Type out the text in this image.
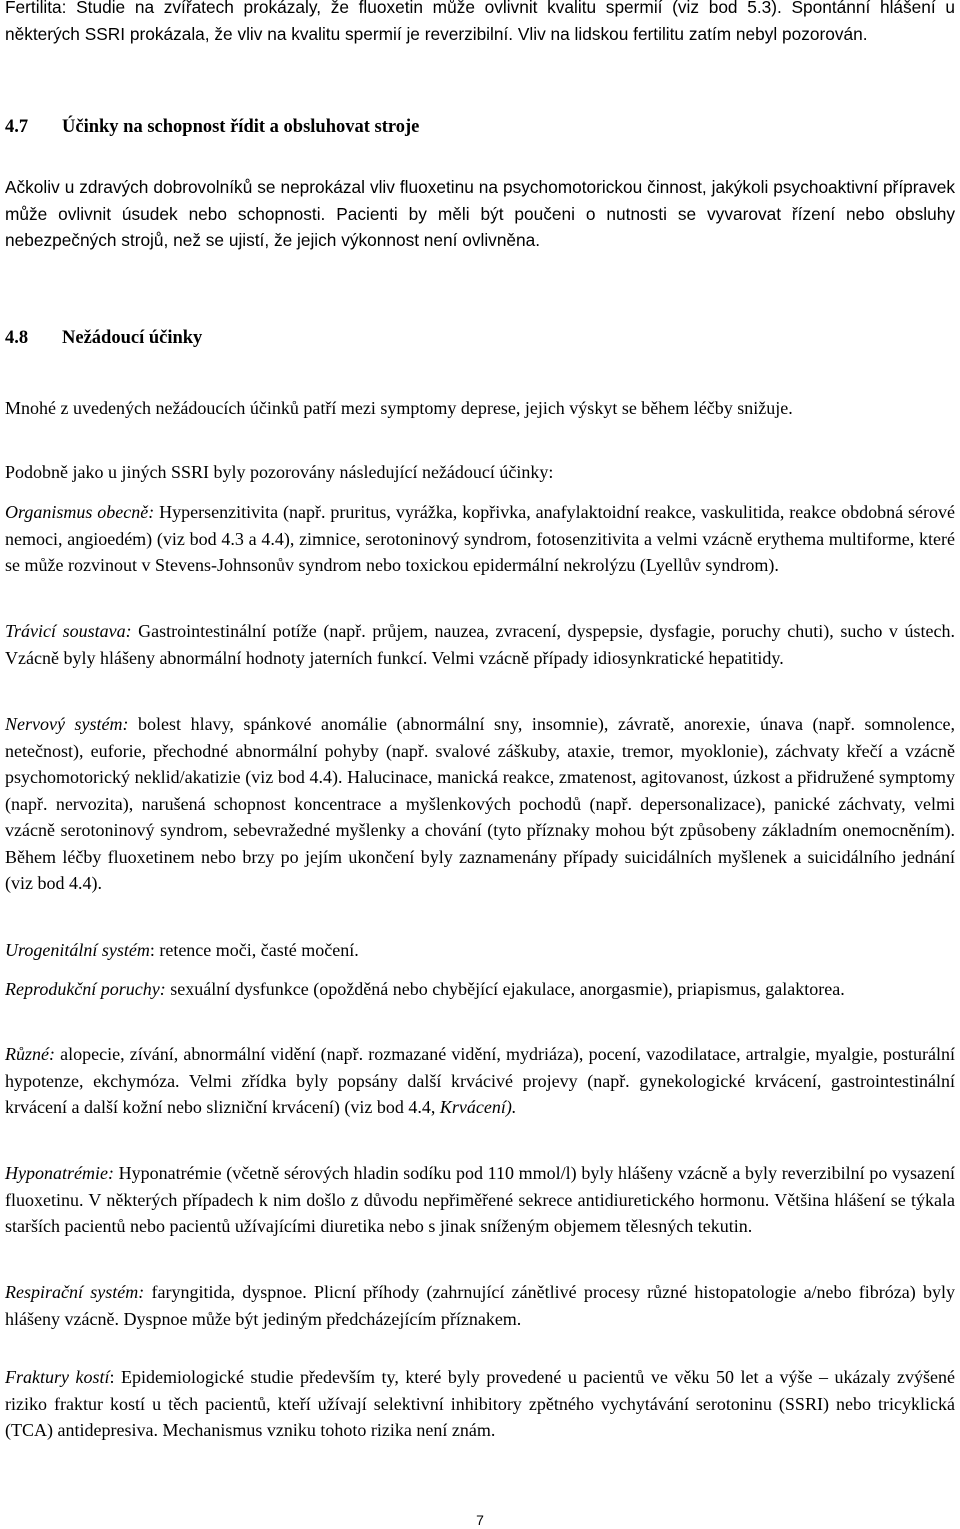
Fertilita: Studie na zvířatech prokázaly, že fluoxetin může ovlivnit kvalitu spermií (viz bod 5.3). Spontánní hlášení u některých SSRI prokázala, že vliv na kvalitu spermií je reverzibilní. Vliv na lidskou fertilitu zatím nebyl pozorován.

4.7 Účinky na schopnost řídit a obsluhovat stroje

Ačkoliv u zdravých dobrovolníků se neprokázal vliv fluoxetinu na psychomotorickou činnost, jakýkoli psychoaktivní přípravek může ovlivnit úsudek nebo schopnosti. Pacienti by měli být poučeni o nutnosti se vyvarovat řízení nebo obsluhy nebezpečných strojů, než se ujistí, že jejich výkonnost není ovlivněna.

4.8 Nežádoucí účinky

Mnohé z uvedených nežádoucích účinků patří mezi symptomy deprese, jejich výskyt se během léčby snižuje.

Podobně jako u jiných SSRI byly pozorovány následující nežádoucí účinky:

Organismus obecně: Hypersenzitivita (např. pruritus, vyrážka, kopřivka, anafylaktoidní reakce, vaskulitida, reakce obdobná sérové nemoci, angioedém) (viz bod 4.3 a 4.4), zimnice, serotoninový syndrom, fotosenzitivita a velmi vzácně erythema multiforme, které se může rozvinout v Stevens-Johnsonův syndrom nebo toxickou epidermální nekrolýzu (Lyellův syndrom).

Trávicí soustava: Gastrointestinální potíže (např. průjem, nauzea, zvracení, dyspepsie, dysfagie, poruchy chuti), sucho v ústech. Vzácně byly hlášeny abnormální hodnoty jaterních funkcí. Velmi vzácně případy idiosynkratické hepatitidy.

Nervový systém: bolest hlavy, spánkové anomálie (abnormální sny, insomnie), závratě, anorexie, únava (např. somnolence, netečnost), euforie, přechodné abnormální pohyby (např. svalové záškuby, ataxie, tremor, myoklonie), záchvaty křečí a vzácně psychomotorický neklid/akatizie (viz bod 4.4). Halucinace, manická reakce, zmatenost, agitovanost, úzkost a přidružené symptomy (např. nervozita), narušená schopnost koncentrace a myšlenkových pochodů (např. depersonalizace), panické záchvaty, velmi vzácně serotoninový syndrom, sebevražedné myšlenky a chování (tyto příznaky mohou být způsobeny základním onemocněním). Během léčby fluoxetinem nebo brzy po jejím ukončení byly zaznamenány případy suicidálních myšlenek a suicidálního jednání (viz bod 4.4).

Urogenitální systém: retence moči, časté močení.

Reprodukční poruchy: sexuální dysfunkce (opožděná nebo chybějící ejakulace, anorgasmie), priapismus, galaktorea.

Různé: alopecie, zívání, abnormální vidění (např. rozmazané vidění, mydriáza), pocení, vazodilatace, artralgie, myalgie, posturální hypotenze, ekchymóza. Velmi zřídka byly popsány další krvácivé projevy (např. gynekologické krvácení, gastrointestinální krvácení a další kožní nebo slizniční krvácení) (viz bod 4.4, Krvácení).

Hyponatrémie: Hyponatrémie (včetně sérových hladin sodíku pod 110 mmol/l) byly hlášeny vzácně a byly reverzibilní po vysazení fluoxetinu. V některých případech k nim došlo z důvodu nepřiměřené sekrece antidiuretického hormonu. Většina hlášení se týkala starších pacientů nebo pacientů užívajícími diuretika nebo s jinak sníženým objemem tělesných tekutin.

Respirační systém: faryngitida, dyspnoe. Plicní příhody (zahrnující zánětlivé procesy různé histopatologie a/nebo fibróza) byly hlášeny vzácně. Dyspnoe může být jediným předcházejícím příznakem.

Fraktury kostí: Epidemiologické studie především ty, které byly provedené u pacientů ve věku 50 let a výše – ukázaly zvýšené riziko fraktur kostí u těch pacientů, kteří užívají selektivní inhibitory zpětného vychytávání serotoninu (SSRI) nebo tricyklická (TCA) antidepresiva. Mechanismus vzniku tohoto rizika není znám.

7
